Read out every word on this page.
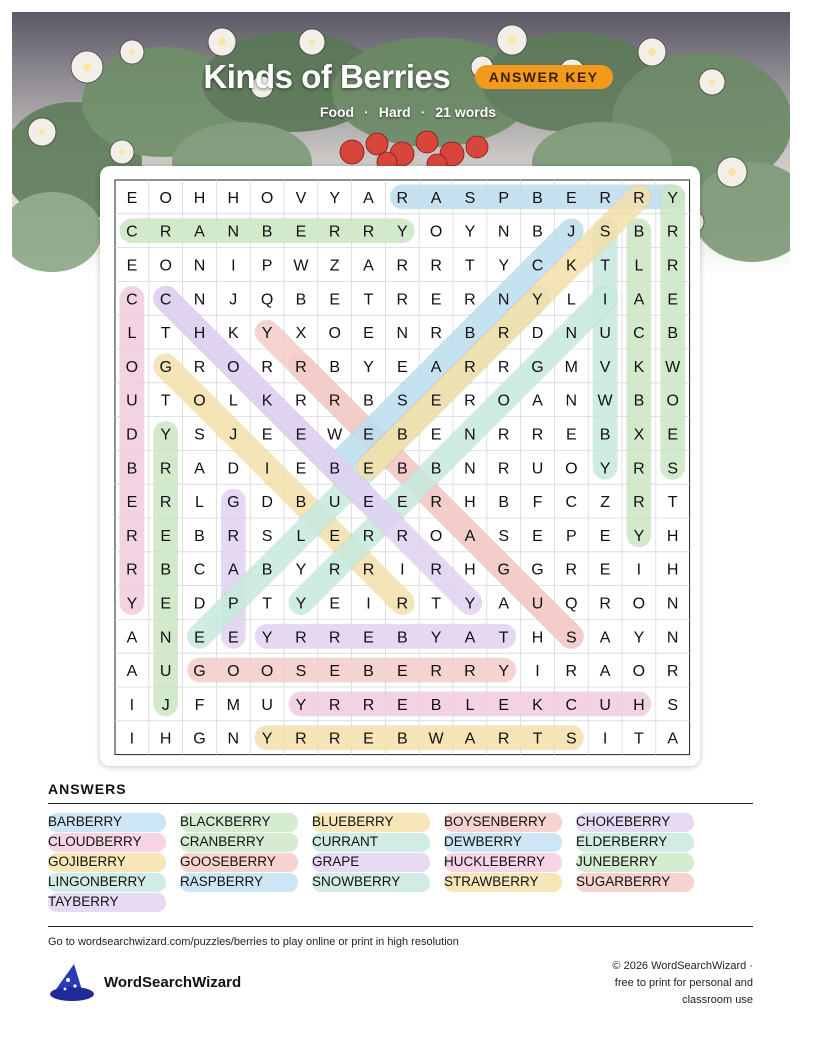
Kinds of Berries	ANSWER KEY
Food · Hard · 21 words
E O H H O V Y A R A S P B E R R Y
C R A N B E R R Y O Y N B J S B R
E O N I P W Z A R R T Y C K T L R
C C N J Q B E T R E R N Y L I A E
L T H K Y X O E N R B R D N U C B
O G R O R R B Y E A R R G M V K W
U T O L K R R B S E R O A N W B O
D Y S J E E W E B E N R R E B X E
B R A D I E B E B B N R U O Y R S
E R L G D B U E E R H B F C Z R T
R E B R S L E R R O A S E P E Y H
R B C A B Y R R I R H G G R E I H
Y E D P T Y E I R T Y A U Q R O N
A N E E Y R R E B Y A T H S A Y N
A U G O O S E B E R R Y I R A O R
I J F M U Y R R E B L E K C U H S
I H G N Y R R E B W A R T S I T A
ANSWERS
BARBERRY	BLACKBERRY	BLUEBERRY	BOYSENBERRY	CHOKEBERRY
CLOUDBERRY	CRANBERRY	CURRANT	DEWBERRY	ELDERBERRY
GOJIBERRY	GOOSEBERRY	GRAPE	HUCKLEBERRY	JUNEBERRY
LINGONBERRY	RASPBERRY	SNOWBERRY	STRAWBERRY	SUGARBERRY
TAYBERRY
Go to wordsearchwizard.com/puzzles/berries to play online or print in high resolution
WordSearchWizard
© 2026 WordSearchWizard ·
free to print for personal and
classroom use
